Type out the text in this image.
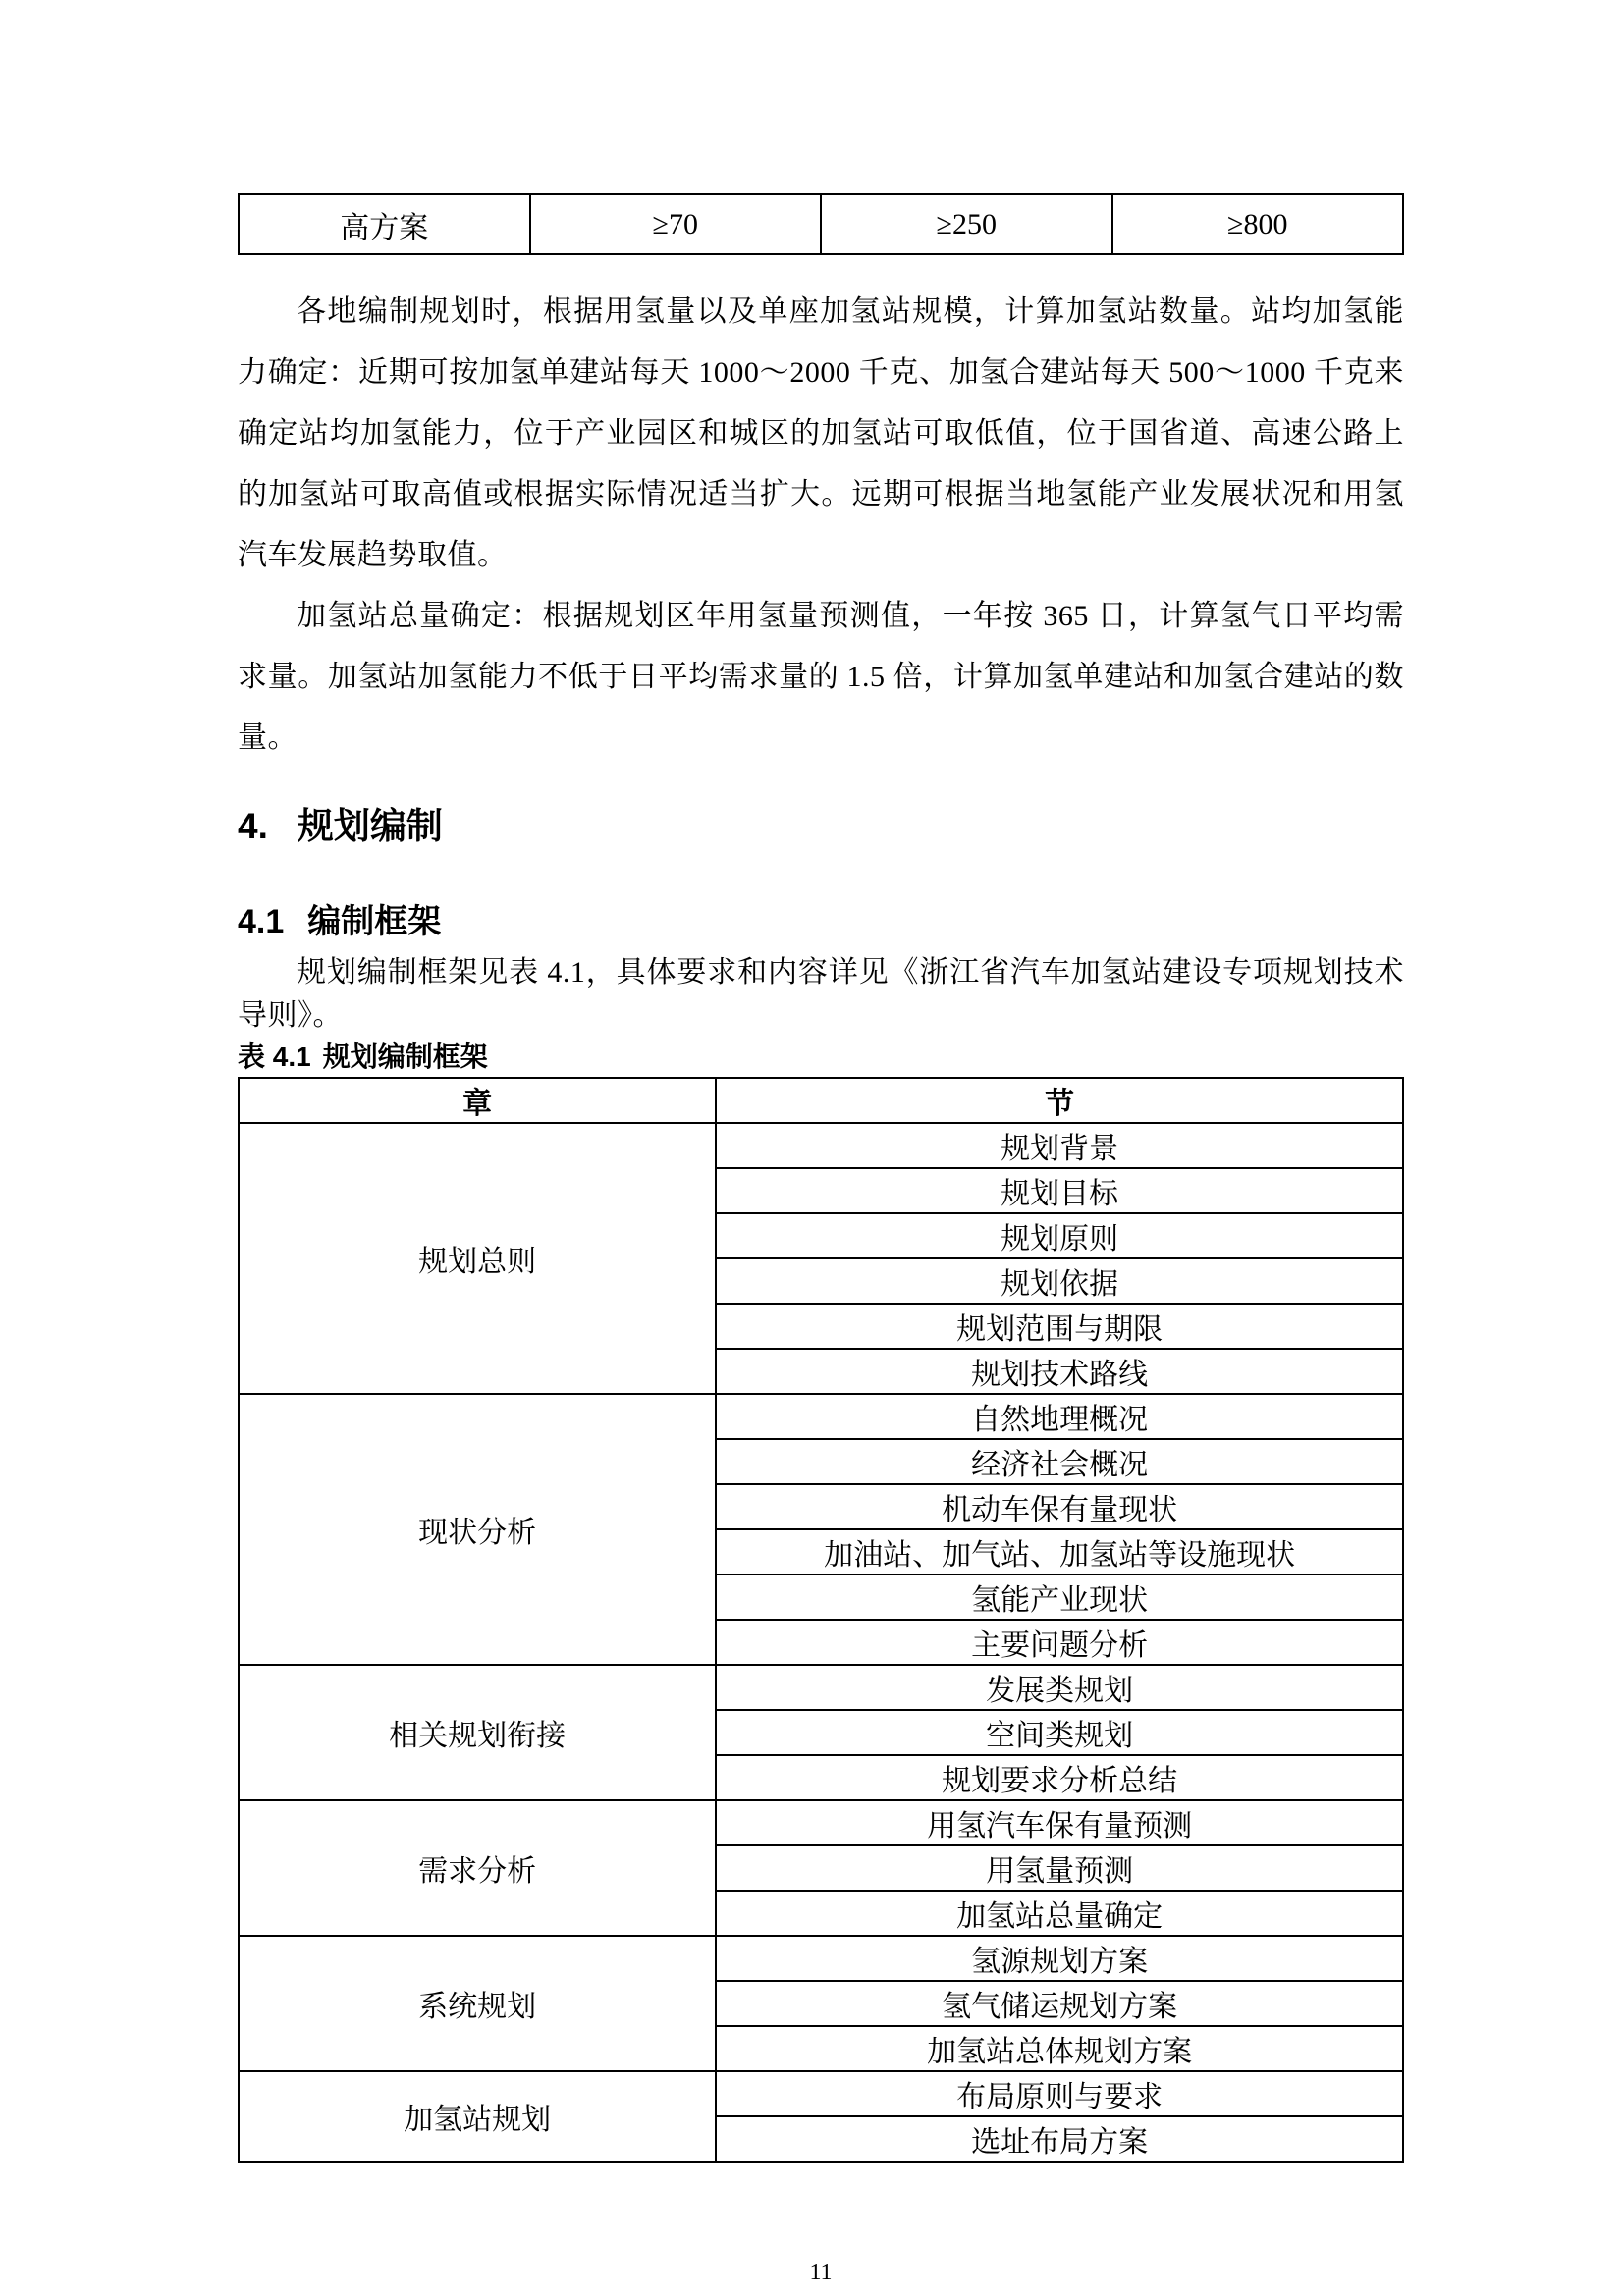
高方案	≥70	≥250	≥800

各地编制规划时，根据用氢量以及单座加氢站规模，计算加氢站数量。站均加氢能力确定：近期可按加氢单建站每天 1000～2000 千克、加氢合建站每天 500～1000 千克来确定站均加氢能力，位于产业园区和城区的加氢站可取低值，位于国省道、高速公路上的加氢站可取高值或根据实际情况适当扩大。远期可根据当地氢能产业发展状况和用氢汽车发展趋势取值。

加氢站总量确定：根据规划区年用氢量预测值，一年按 365 日，计算氢气日平均需求量。加氢站加氢能力不低于日平均需求量的 1.5 倍，计算加氢单建站和加氢合建站的数量。

4. 规划编制
4.1 编制框架

规划编制框架见表 4.1，具体要求和内容详见《浙江省汽车加氢站建设专项规划技术导则》。

表 4.1 规划编制框架
章	节
规划总则	规划背景
	规划目标
	规划原则
	规划依据
	规划范围与期限
	规划技术路线
现状分析	自然地理概况
	经济社会概况
	机动车保有量现状
	加油站、加气站、加氢站等设施现状
	氢能产业现状
	主要问题分析
相关规划衔接	发展类规划
	空间类规划
	规划要求分析总结
需求分析	用氢汽车保有量预测
	用氢量预测
	加氢站总量确定
系统规划	氢源规划方案
	氢气储运规划方案
	加氢站总体规划方案
加氢站规划	布局原则与要求
	选址布局方案
11
